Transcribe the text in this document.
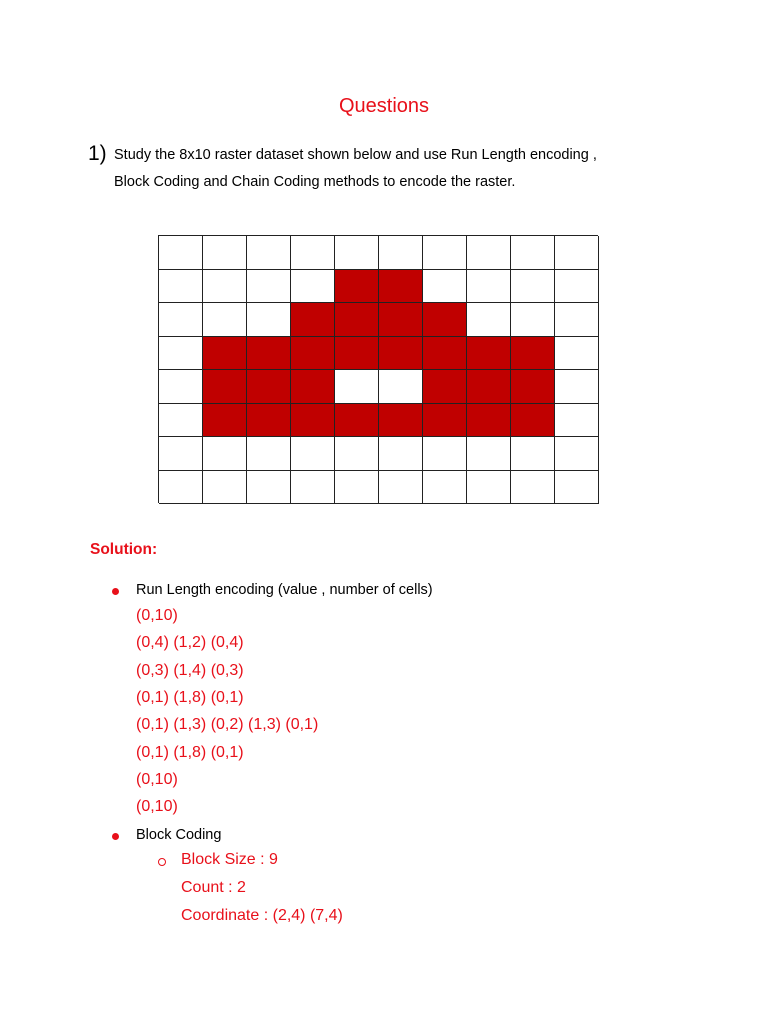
Questions
1) Study the 8x10 raster dataset shown below and use Run Length encoding ,
Block Coding and Chain Coding methods to encode the raster.
Solution:
Run Length encoding (value , number of cells)
(0,10)
(0,4) (1,2) (0,4)
(0,3) (1,4) (0,3)
(0,1) (1,8) (0,1)
(0,1) (1,3) (0,2) (1,3) (0,1)
(0,1) (1,8) (0,1)
(0,10)
(0,10)
Block Coding
Block Size : 9
Count : 2
Coordinate : (2,4) (7,4)
